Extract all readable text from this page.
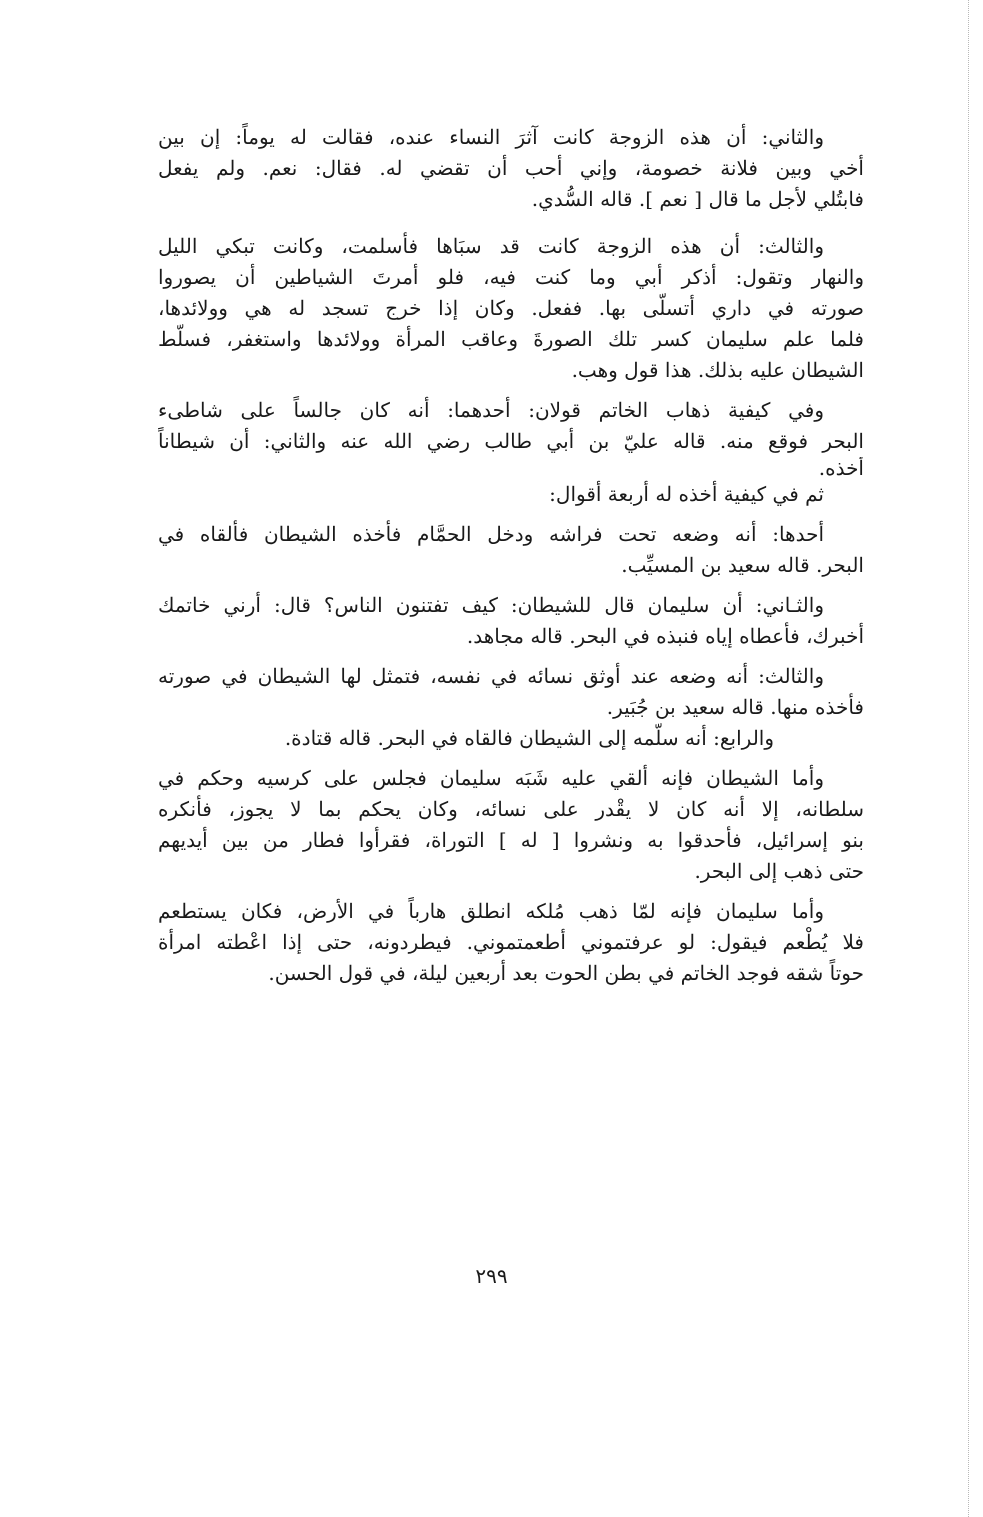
والثاني: أن هذه الزوجة كانت آثرَ النساء عنده، فقالت له يوماً: إن بين
أخي وبين فلانة خصومة، وإني أحب أن تقضي له. فقال: نعم. ولم يفعل
فابتُلي لأجل ما قال [ نعم ]. قاله السُّدي.
والثالث: أن هذه الزوجة كانت قد سبَاها فأسلمت، وكانت تبكي الليل
والنهار وتقول: أذكر أبي وما كنت فيه، فلو أمرتَ الشياطين أن يصوروا
صورته في داري أتسلَّى بها. ففعل. وكان إذا خرج تسجد له هي وولائدها،
فلما علم سليمان كسر تلك الصورةَ وعاقب المرأة وولائدها واستغفر، فسلَّط
الشيطان عليه بذلك. هذا قول وهب.
وفي كيفية ذهاب الخاتم قولان: أحدهما: أنه كان جالساً على شاطىء
البحر فوقع منه. قاله عليّ بن أبي طالب رضي الله عنه والثاني: أن شيطاناً
أخذه.
ثم في كيفية أخذه له أربعة أقوال:
أحدها: أنه وضعه تحت فراشه ودخل الحمَّام فأخذه الشيطان فألقاه في
البحر. قاله سعيد بن المسيِّب.
والثـاني: أن سليمان قال للشيطان: كيف تفتنون الناس؟ قال: أرني خاتمك
أخبرك، فأعطاه إياه فنبذه في البحر. قاله مجاهد.
والثالث: أنه وضعه عند أوثق نسائه في نفسه، فتمثل لها الشيطان في صورته
فأخذه منها. قاله سعيد بن جُبَير.
والرابع: أنه سلّمه إلى الشيطان فالقاه في البحر. قاله قتادة.
وأما الشيطان فإنه ألقي عليه شَبَه سليمان فجلس على كرسيه وحكم في
سلطانه، إلا أنه كان لا يقْدر على نسائه، وكان يحكم بما لا يجوز، فأنكره
بنو إسرائيل، فأحدقوا به ونشروا [ له ] التوراة، فقرأوا فطار من بين أيديهم
حتى ذهب إلى البحر.
وأما سليمان فإنه لمّا ذهب مُلكه انطلق هارباً في الأرض، فكان يستطعم
فلا يُطْعم فيقول: لو عرفتموني أطعمتموني. فيطردونه، حتى إذا اعْطته امرأة
حوتاً شقه فوجد الخاتم في بطن الحوت بعد أربعين ليلة، في قول الحسن.
٢٩٩
